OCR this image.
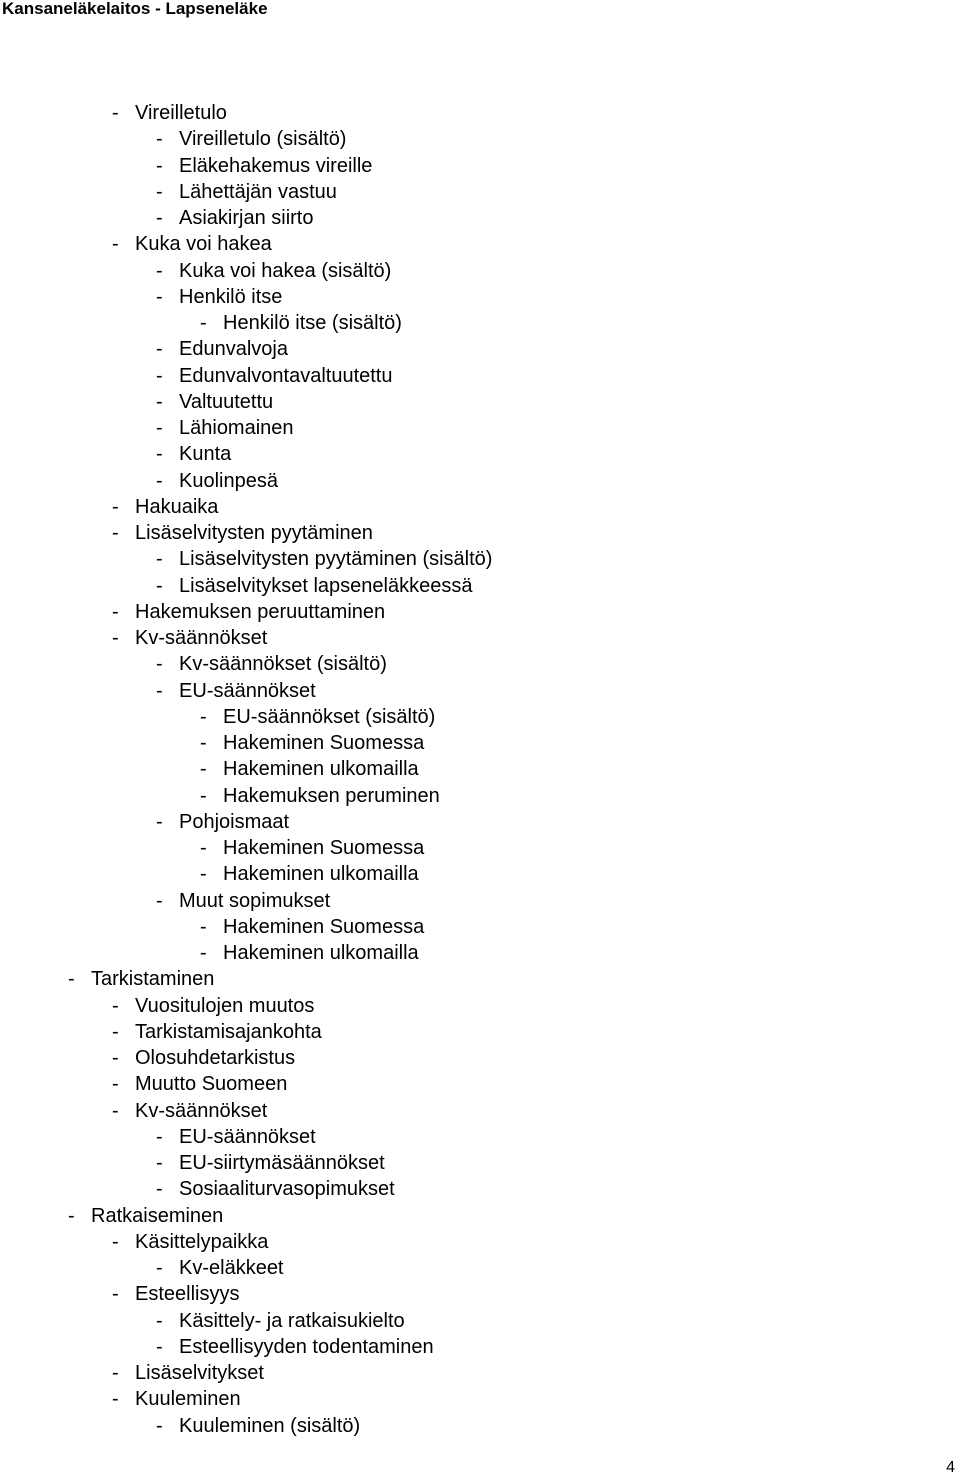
Kansaneläkelaitos - Lapseneläke
- Vireilletulo
- Vireilletulo (sisältö)
- Eläkehakemus vireille
- Lähettäjän vastuu
- Asiakirjan siirto
- Kuka voi hakea
- Kuka voi hakea (sisältö)
- Henkilö itse
- Henkilö itse (sisältö)
- Edunvalvoja
- Edunvalvontavaltuutettu
- Valtuutettu
- Lähiomainen
- Kunta
- Kuolinpesä
- Hakuaika
- Lisäselvitysten pyytäminen
- Lisäselvitysten pyytäminen (sisältö)
- Lisäselvitykset lapseneläkkeessä
- Hakemuksen peruuttaminen
- Kv-säännökset
- Kv-säännökset (sisältö)
- EU-säännökset
- EU-säännökset (sisältö)
- Hakeminen Suomessa
- Hakeminen ulkomailla
- Hakemuksen peruminen
- Pohjoismaat
- Hakeminen Suomessa
- Hakeminen ulkomailla
- Muut sopimukset
- Hakeminen Suomessa
- Hakeminen ulkomailla
- Tarkistaminen
- Vuositulojen muutos
- Tarkistamisajankohta
- Olosuhdetarkistus
- Muutto Suomeen
- Kv-säännökset
- EU-säännökset
- EU-siirtymäsäännökset
- Sosiaaliturvasopimukset
- Ratkaiseminen
- Käsittelypaikka
- Kv-eläkkeet
- Esteellisyys
- Käsittely- ja ratkaisukielto
- Esteellisyyden todentaminen
- Lisäselvitykset
- Kuuleminen
- Kuuleminen (sisältö)
4
